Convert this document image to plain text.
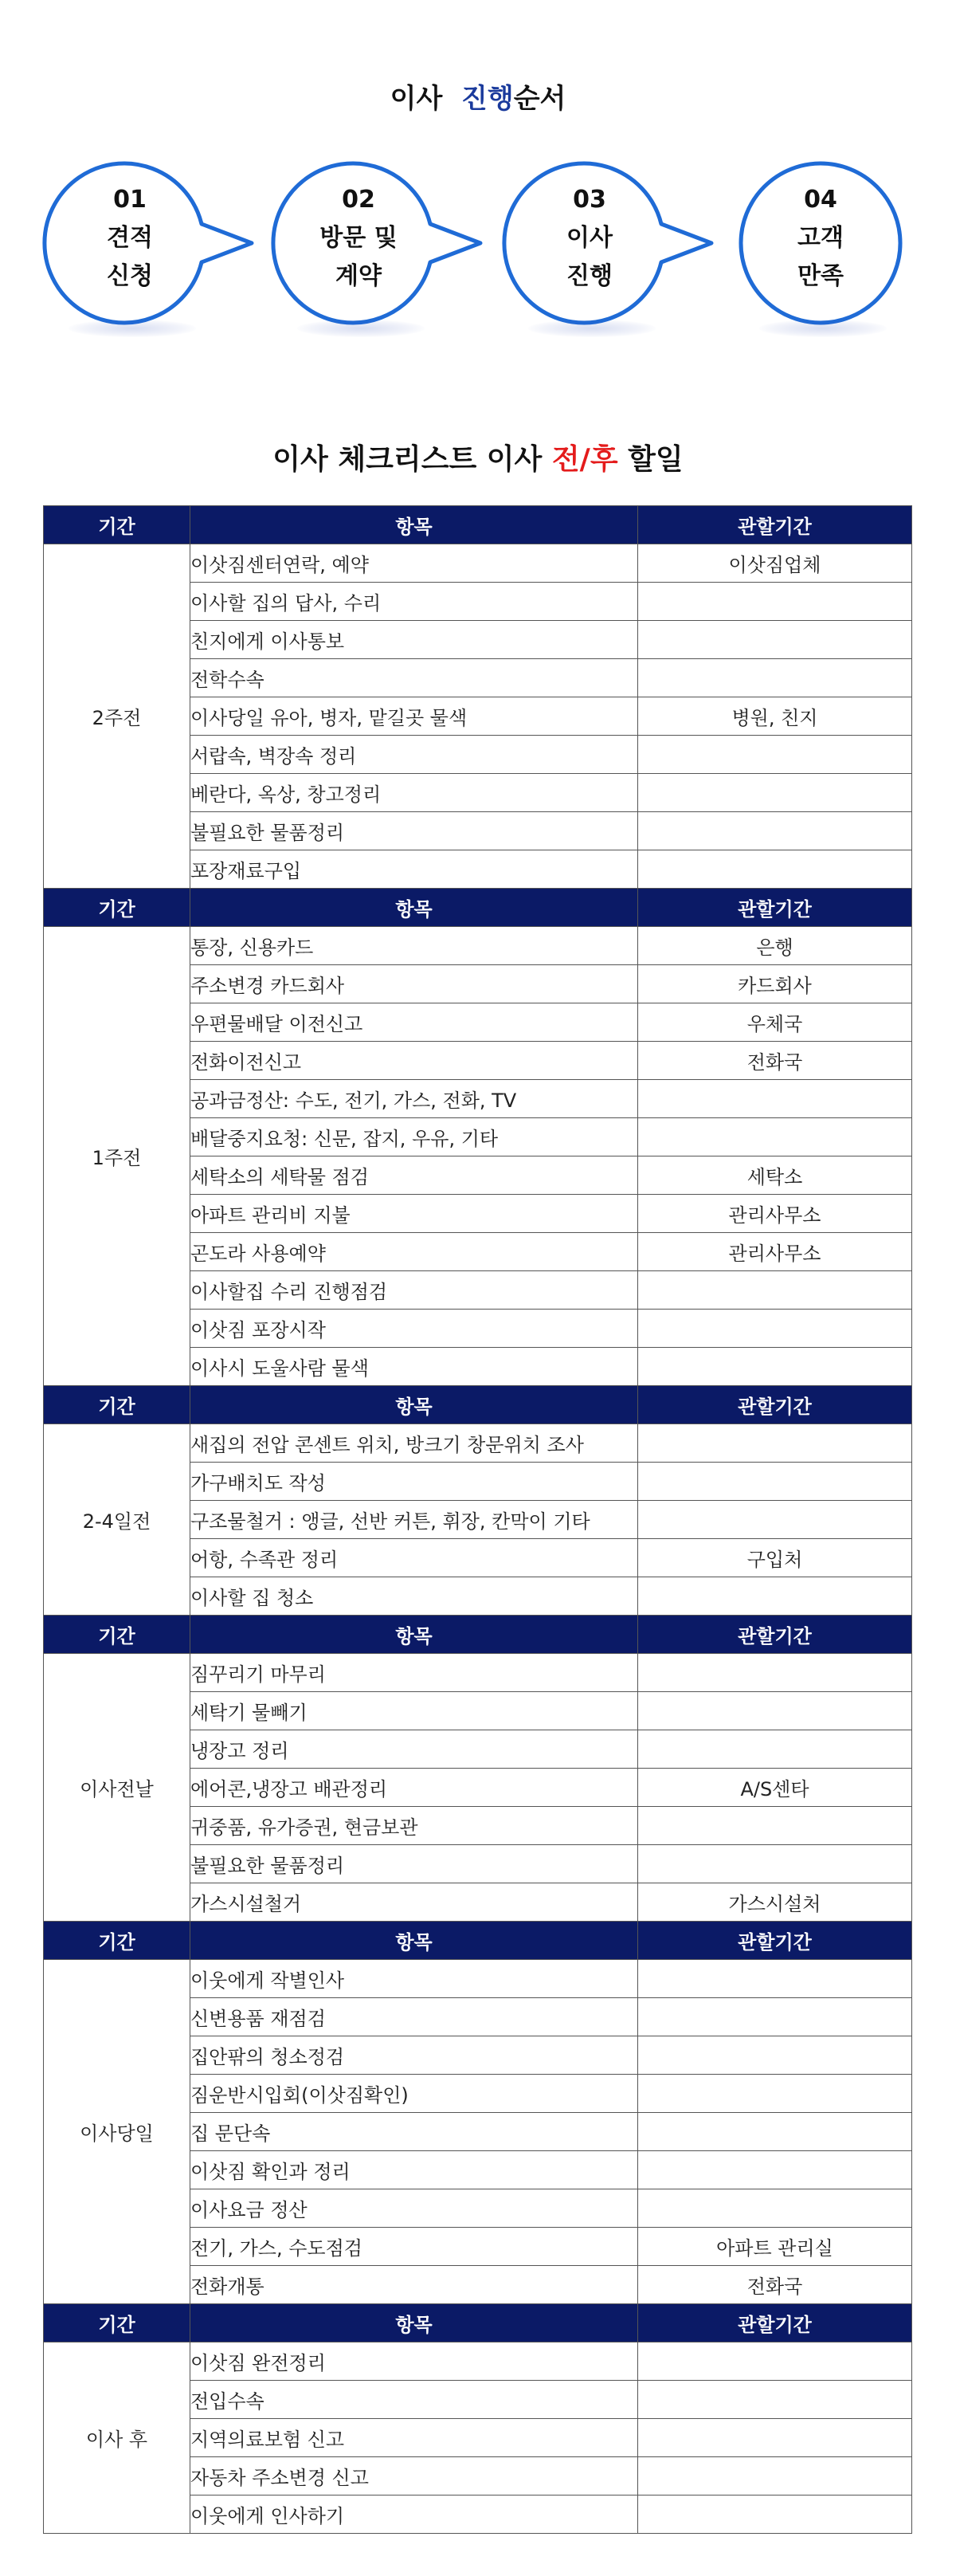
이사 진행순서
01
견적
신청
02
방문 및
계약
03
이사
진행
04
고객
만족
이사 체크리스트 이사 전/후 할일
기간	항목	관할기간
2주전	이삿짐센터연락, 예약	이삿짐업체
	이사할 집의 답사, 수리	
	친지에게 이사통보	
	전학수속	
	이사당일 유아, 병자, 맡길곳 물색	병원, 친지
	서랍속, 벽장속 정리	
	베란다, 옥상, 창고정리	
	불필요한 물품정리	
	포장재료구입	
기간	항목	관할기간
1주전	통장, 신용카드	은행
	주소변경 카드회사	카드회사
	우편물배달 이전신고	우체국
	전화이전신고	전화국
	공과금정산: 수도, 전기, 가스, 전화, TV	
	배달중지요청: 신문, 잡지, 우유, 기타	
	세탁소의 세탁물 점검	세탁소
	아파트 관리비 지불	관리사무소
	곤도라 사용예약	관리사무소
	이사할집 수리 진행점검	
	이삿짐 포장시작	
	이사시 도울사람 물색	
기간	항목	관할기간
2-4일전	새집의 전압 콘센트 위치, 방크기 창문위치 조사	
	가구배치도 작성	
	구조물철거 : 앵글, 선반 커튼, 휘장, 칸막이 기타	
	어항, 수족관 정리	구입처
	이사할 집 청소	
기간	항목	관할기간
이사전날	짐꾸리기 마무리	
	세탁기 물빼기	
	냉장고 정리	
	에어콘,냉장고 배관정리	A/S센타
	귀중품, 유가증권, 현금보관	
	불필요한 물품정리	
	가스시설철거	가스시설처
기간	항목	관할기간
이사당일	이웃에게 작별인사	
	신변용품 재점검	
	집안팎의 청소정검	
	짐운반시입회(이삿짐확인)	
	집 문단속	
	이삿짐 확인과 정리	
	이사요금 정산	
	전기, 가스, 수도점검	아파트 관리실
	전화개통	전화국
기간	항목	관할기간
이사 후	이삿짐 완전정리	
	전입수속	
	지역의료보험 신고	
	자동차 주소변경 신고	
	이웃에게 인사하기	
